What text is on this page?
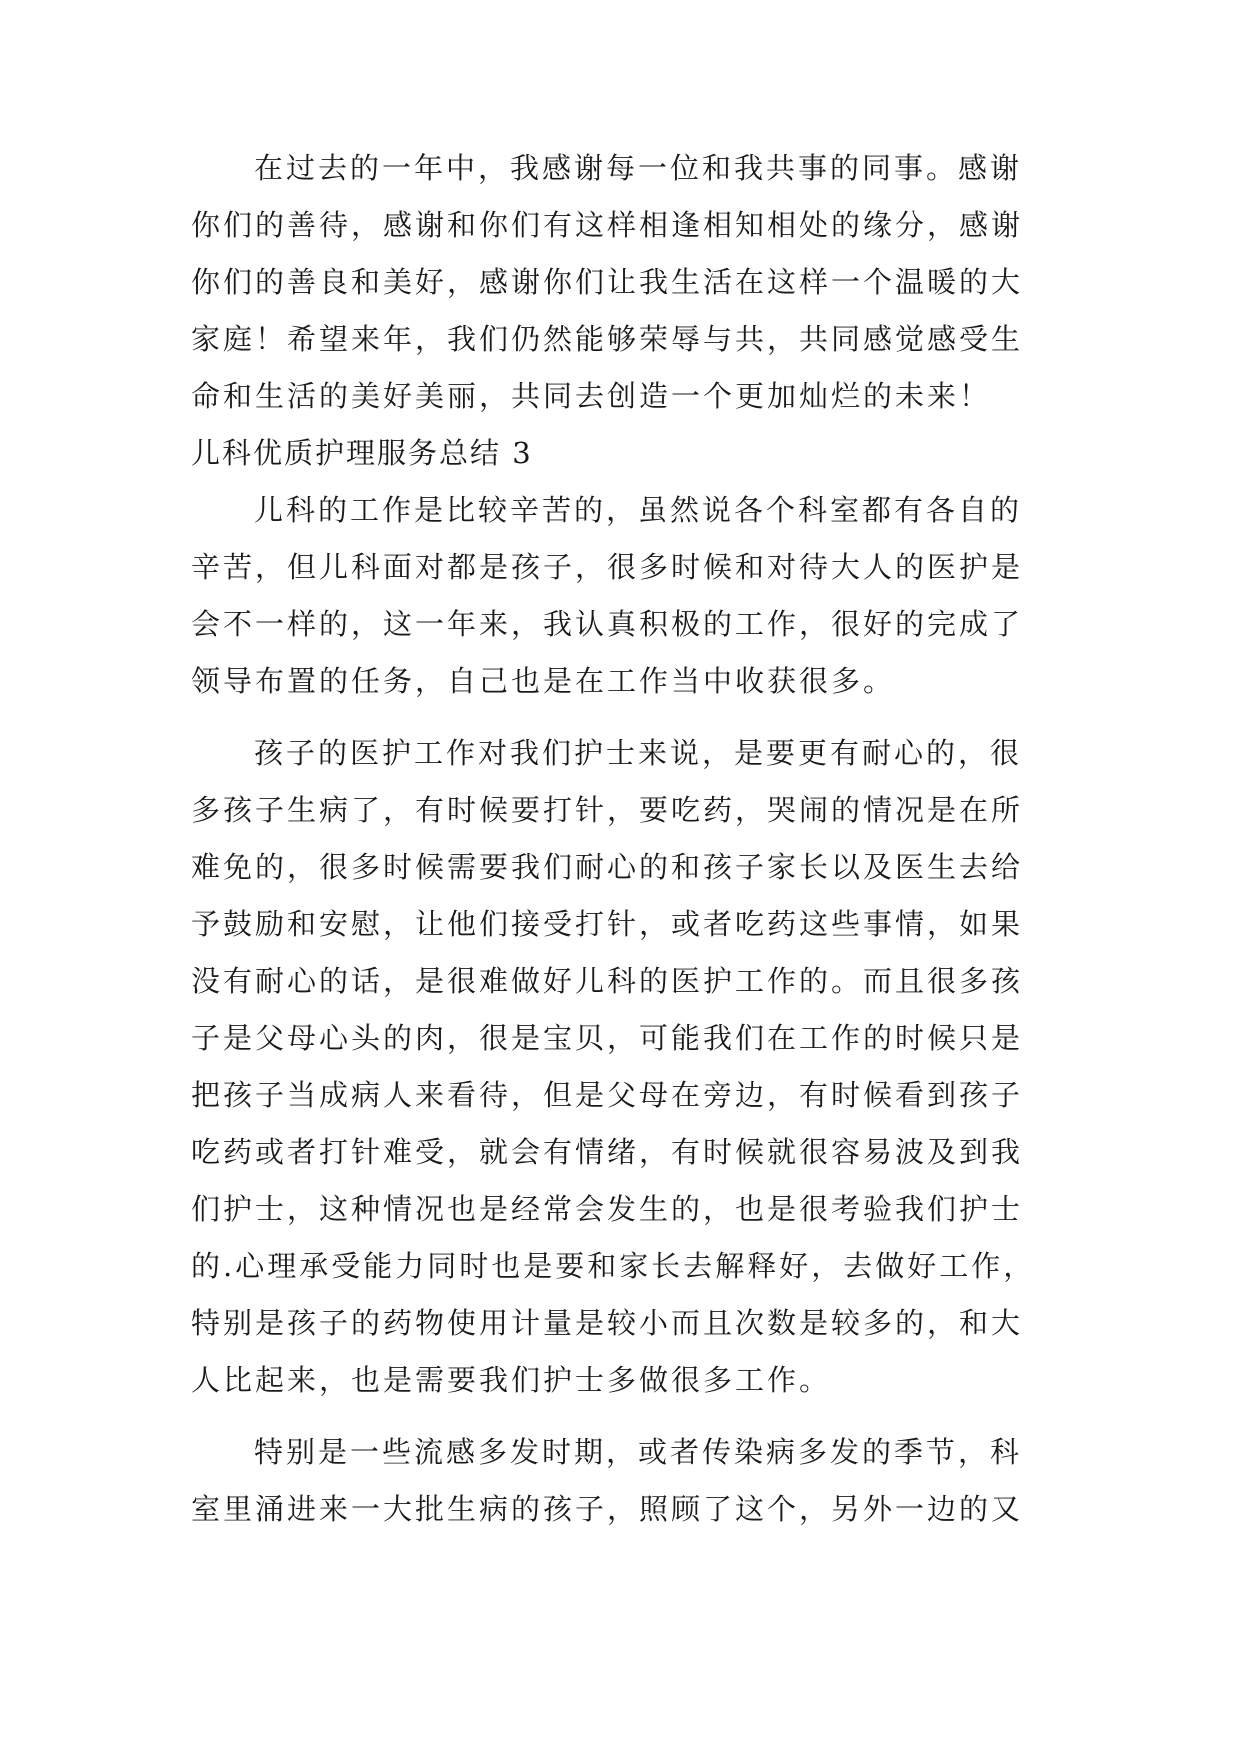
在过去的一年中，我感谢每一位和我共事的同事。感谢
你们的善待，感谢和你们有这样相逢相知相处的缘分，感谢
你们的善良和美好，感谢你们让我生活在这样一个温暖的大
家庭！希望来年，我们仍然能够荣辱与共，共同感觉感受生
命和生活的美好美丽，共同去创造一个更加灿烂的未来！
儿科优质护理服务总结 3
儿科的工作是比较辛苦的，虽然说各个科室都有各自的
辛苦，但儿科面对都是孩子，很多时候和对待大人的医护是
会不一样的，这一年来，我认真积极的工作，很好的完成了
领导布置的任务，自己也是在工作当中收获很多。
孩子的医护工作对我们护士来说，是要更有耐心的，很
多孩子生病了，有时候要打针，要吃药，哭闹的情况是在所
难免的，很多时候需要我们耐心的和孩子家长以及医生去给
予鼓励和安慰，让他们接受打针，或者吃药这些事情，如果
没有耐心的话，是很难做好儿科的医护工作的。而且很多孩
子是父母心头的肉，很是宝贝，可能我们在工作的时候只是
把孩子当成病人来看待，但是父母在旁边，有时候看到孩子
吃药或者打针难受，就会有情绪，有时候就很容易波及到我
们护士，这种情况也是经常会发生的，也是很考验我们护士
的.心理承受能力同时也是要和家长去解释好，去做好工作，
特别是孩子的药物使用计量是较小而且次数是较多的，和大
人比起来，也是需要我们护士多做很多工作。
特别是一些流感多发时期，或者传染病多发的季节，科
室里涌进来一大批生病的孩子，照顾了这个，另外一边的又
